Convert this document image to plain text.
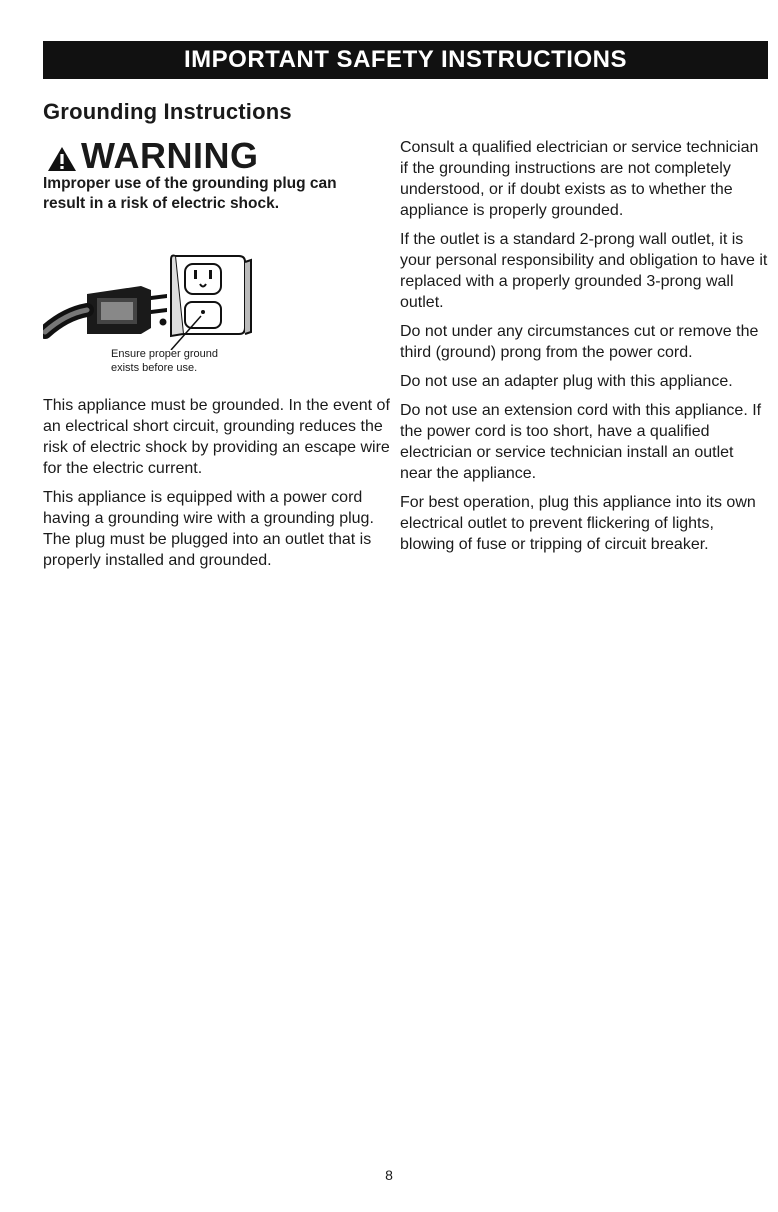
IMPORTANT SAFETY INSTRUCTIONS
Grounding Instructions
WARNING
Improper use of the grounding plug can result in a risk of electric shock.
Ensure proper ground
exists before use.

This appliance must be grounded. In the event of an electrical short circuit, grounding reduces the risk of electric shock by providing an escape wire for the electric current.

This appliance is equipped with a power cord having a grounding wire with a grounding plug. The plug must be plugged into an outlet that is properly installed and grounded.

Consult a qualified electrician or service technician if the grounding instructions are not completely understood, or if doubt exists as to whether the appliance is properly grounded.

If the outlet is a standard 2-prong wall outlet, it is your personal responsibility and obligation to have it replaced with a properly grounded 3-prong wall outlet.

Do not under any circumstances cut or remove the third (ground) prong from the power cord.

Do not use an adapter plug with this appliance.

Do not use an extension cord with this appliance. If the power cord is too short, have a qualified electrician or service technician install an outlet near the appliance.

For best operation, plug this appliance into its own electrical outlet to prevent flickering of lights, blowing of fuse or tripping of circuit breaker.

8
